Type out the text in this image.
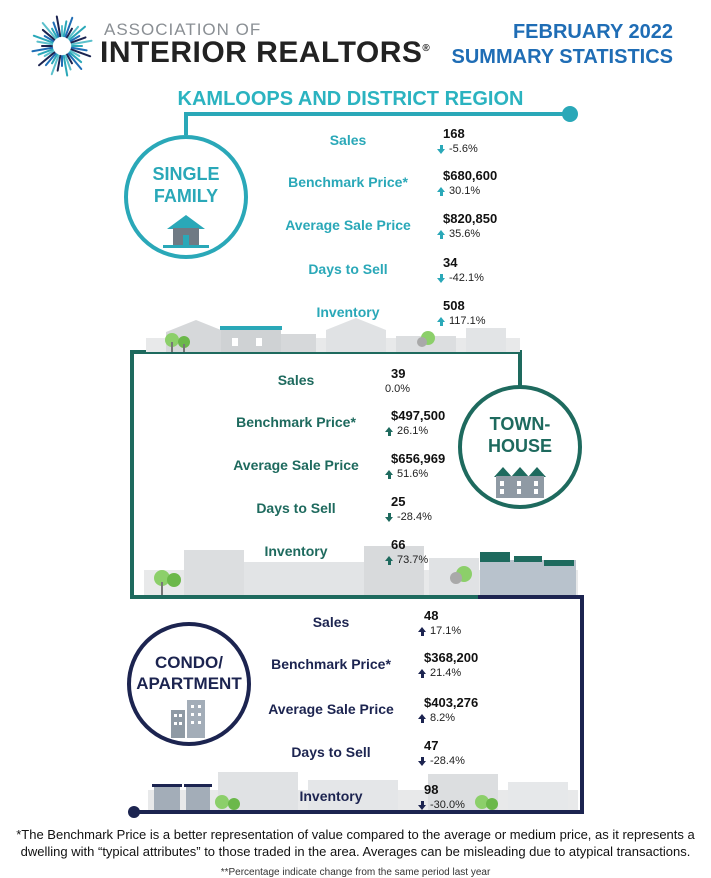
ASSOCIATION OF
INTERIOR REALTORS®
FEBRUARY 2022
SUMMARY STATISTICS
KAMLOOPS AND DISTRICT REGION
SINGLE
FAMILY
TOWN-
HOUSE
CONDO/
APARTMENT
Sales	168
-5.6%
Benchmark Price*	$680,600
30.1%
Average Sale Price	$820,850
35.6%
Days to Sell	34
-42.1%
Inventory	508
117.1%
Sales	39
0.0%
Benchmark Price*	$497,500
26.1%
Average Sale Price	$656,969
51.6%
Days to Sell	25
-28.4%
Inventory	66
73.7%
Sales	48
17.1%
Benchmark Price*	$368,200
21.4%
Average Sale Price	$403,276
8.2%
Days to Sell	47
-28.4%
Inventory	98
-30.0%
*The Benchmark Price is a better representation of value compared to the average or medium price, as it represents a dwelling with “typical attributes” to those traded in the area. Averages can be misleading due to atypical transactions.
**Percentage indicate change from the same period last year
